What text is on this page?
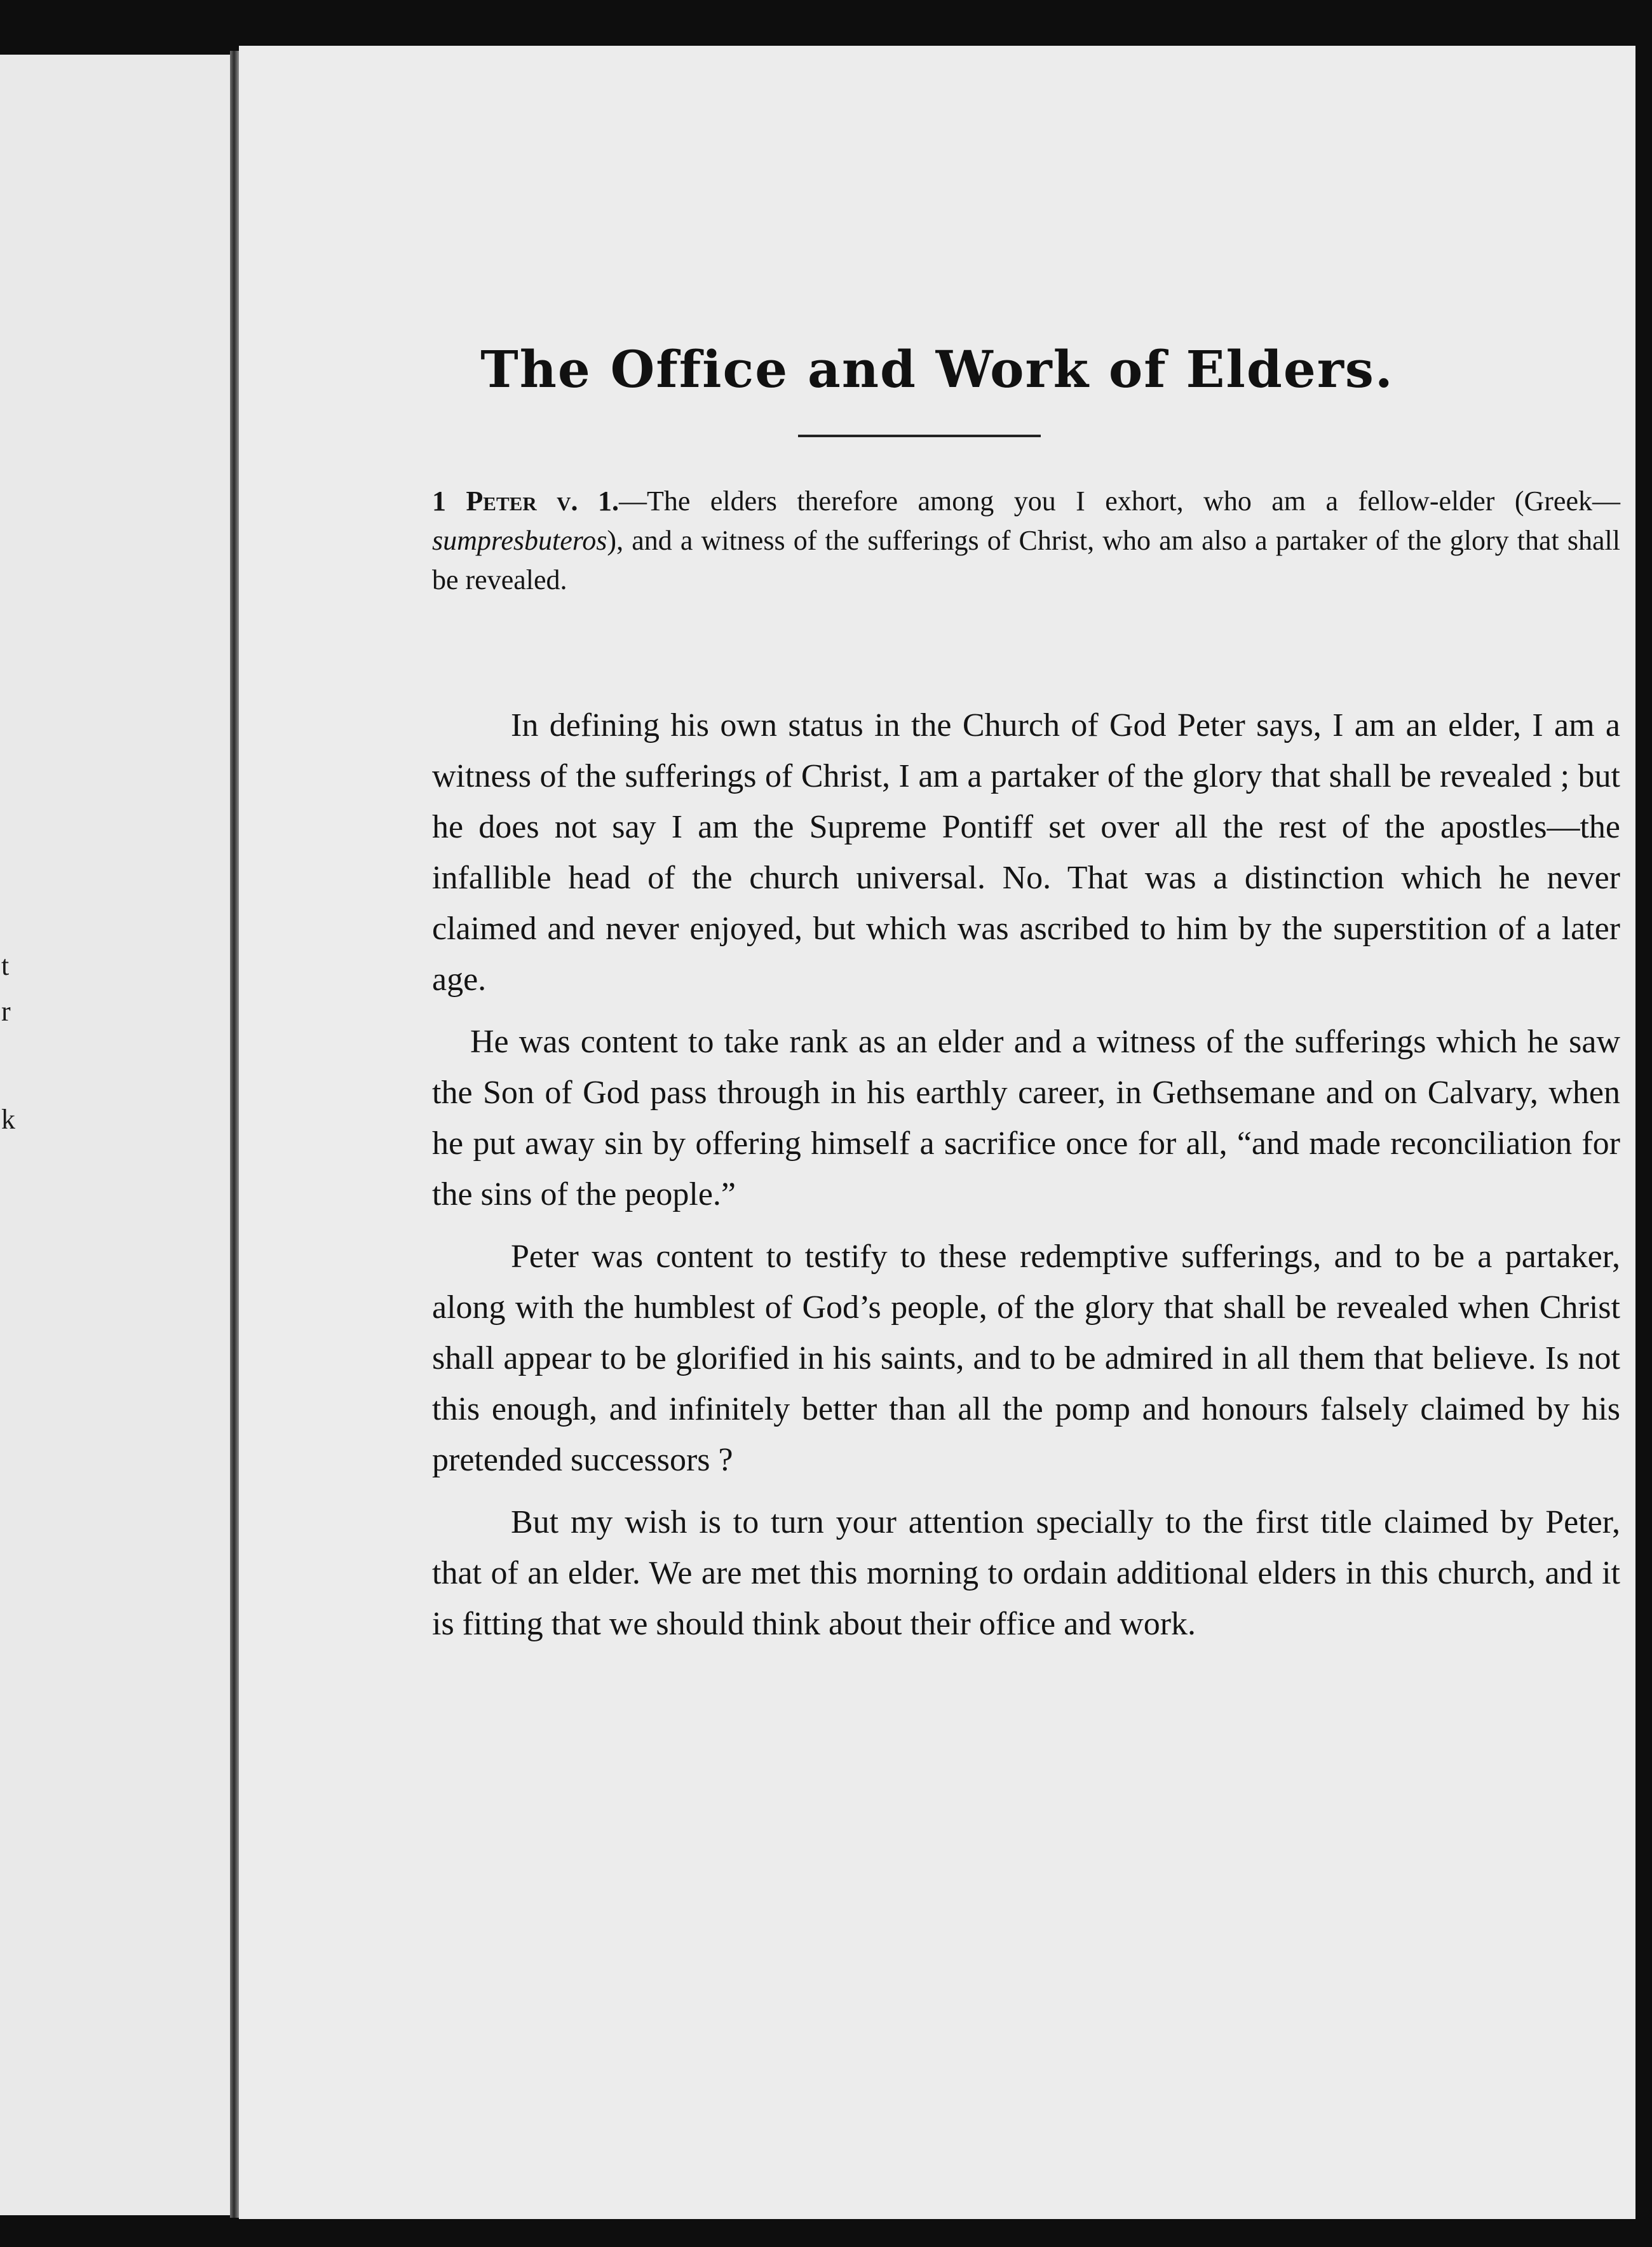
t
r
k
The Office and Work of Elders.

1 Peter v. 1.—The elders therefore among you I exhort, who am a fellow-elder (Greek—sumpresbuteros), and a witness of the sufferings of Christ, who am also a partaker of the glory that shall be revealed.

In defining his own status in the Church of God Peter says, I am an elder, I am a witness of the sufferings of Christ, I am a partaker of the glory that shall be revealed ; but he does not say I am the Supreme Pontiff set over all the rest of the apostles—the infallible head of the church universal. No. That was a distinction which he never claimed and never enjoyed, but which was ascribed to him by the superstition of a later age.

He was content to take rank as an elder and a witness of the sufferings which he saw the Son of God pass through in his earthly career, in Gethsemane and on Calvary, when he put away sin by offering himself a sacrifice once for all, “and made reconciliation for the sins of the people.”

Peter was content to testify to these redemptive sufferings, and to be a partaker, along with the humblest of God’s people, of the glory that shall be revealed when Christ shall appear to be glorified in his saints, and to be admired in all them that believe. Is not this enough, and infinitely better than all the pomp and honours falsely claimed by his pretended successors ?

But my wish is to turn your attention specially to the first title claimed by Peter, that of an elder. We are met this morning to ordain additional elders in this church, and it is fitting that we should think about their office and work.
